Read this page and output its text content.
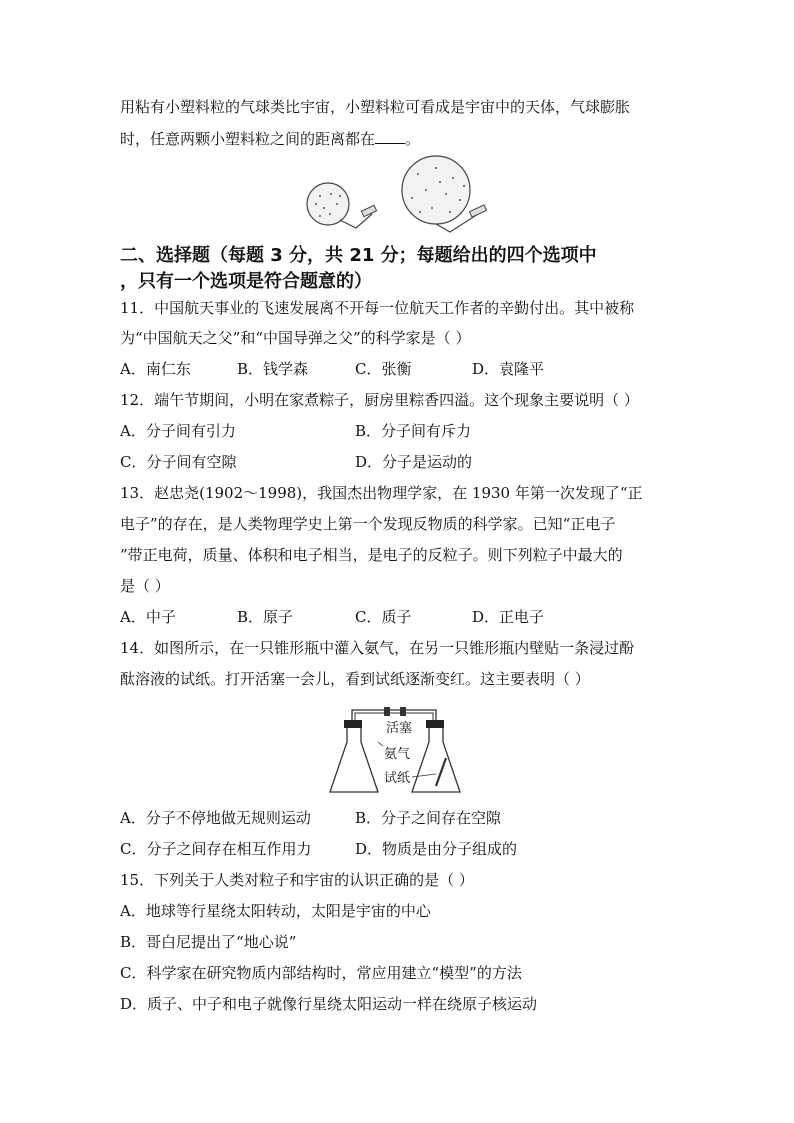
用粘有小塑料粒的气球类比宇宙，小塑料粒可看成是宇宙中的天体，气球膨胀
时，任意两颗小塑料粒之间的距离都在 。
二、选择题（每题 3 分，共 21 分；每题给出的四个选项中
，只有一个选项是符合题意的）
11．中国航天事业的飞速发展离不开每一位航天工作者的辛勤付出。其中被称
为“中国航天之父”和“中国导弹之父”的科学家是（ ）
A．南仁东	B．钱学森	C．张衡	D．袁隆平
12．端午节期间，小明在家煮粽子，厨房里粽香四溢。这个现象主要说明（ ）
A．分子间有引力	B．分子间有斥力
C．分子间有空隙	D．分子是运动的
13．赵忠尧(1902～1998)，我国杰出物理学家，在 1930 年第一次发现了“正
电子”的存在，是人类物理学史上第一个发现反物质的科学家。已知“正电子
”带正电荷，质量、体积和电子相当，是电子的反粒子。则下列粒子中最大的
是（ ）
A．中子	B．原子	C．质子	D．正电子
14．如图所示，在一只锥形瓶中灌入氨气，在另一只锥形瓶内壁贴一条浸过酚
酞溶液的试纸。打开活塞一会儿，看到试纸逐渐变红。这主要表明（ ）
活塞
氨气
试纸
A．分子不停地做无规则运动	B．分子之间存在空隙
C．分子之间存在相互作用力	D．物质是由分子组成的
15．下列关于人类对粒子和宇宙的认识正确的是（ ）
A．地球等行星绕太阳转动，太阳是宇宙的中心
B．哥白尼提出了“地心说”
C．科学家在研究物质内部结构时，常应用建立“模型”的方法
D．质子、中子和电子就像行星绕太阳运动一样在绕原子核运动
